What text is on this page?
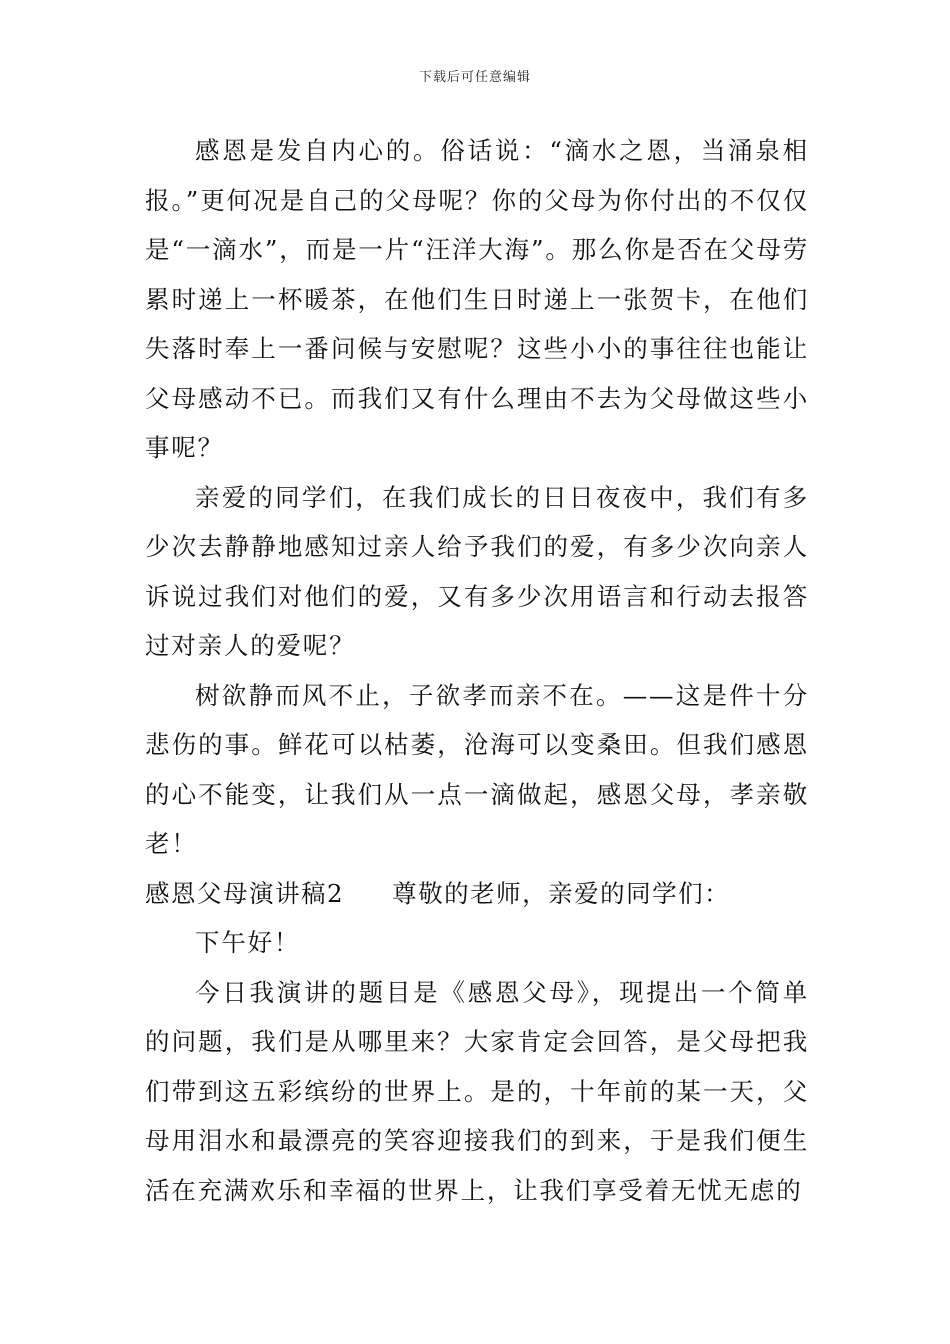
下载后可任意编辑

感恩是发自内心的。俗话说：“滴水之恩，当涌泉相报。”更何况是自己的父母呢？你的父母为你付出的不仅仅是“一滴水”，而是一片“汪洋大海”。那么你是否在父母劳累时递上一杯暖茶，在他们生日时递上一张贺卡，在他们失落时奉上一番问候与安慰呢？这些小小的事往往也能让父母感动不已。而我们又有什么理由不去为父母做这些小事呢？

亲爱的同学们，在我们成长的日日夜夜中，我们有多少次去静静地感知过亲人给予我们的爱，有多少次向亲人诉说过我们对他们的爱，又有多少次用语言和行动去报答过对亲人的爱呢？

树欲静而风不止，子欲孝而亲不在。——这是件十分悲伤的事。鲜花可以枯萎，沧海可以变桑田。但我们感恩的心不能变，让我们从一点一滴做起，感恩父母，孝亲敬老！

感恩父母演讲稿2 尊敬的老师，亲爱的同学们：

下午好！

今日我演讲的题目是《感恩父母》，现提出一个简单的问题，我们是从哪里来？大家肯定会回答，是父母把我们带到这五彩缤纷的世界上。是的，十年前的某一天，父母用泪水和最漂亮的笑容迎接我们的到来，于是我们便生活在充满欢乐和幸福的世界上，让我们享受着无忧无虑的
